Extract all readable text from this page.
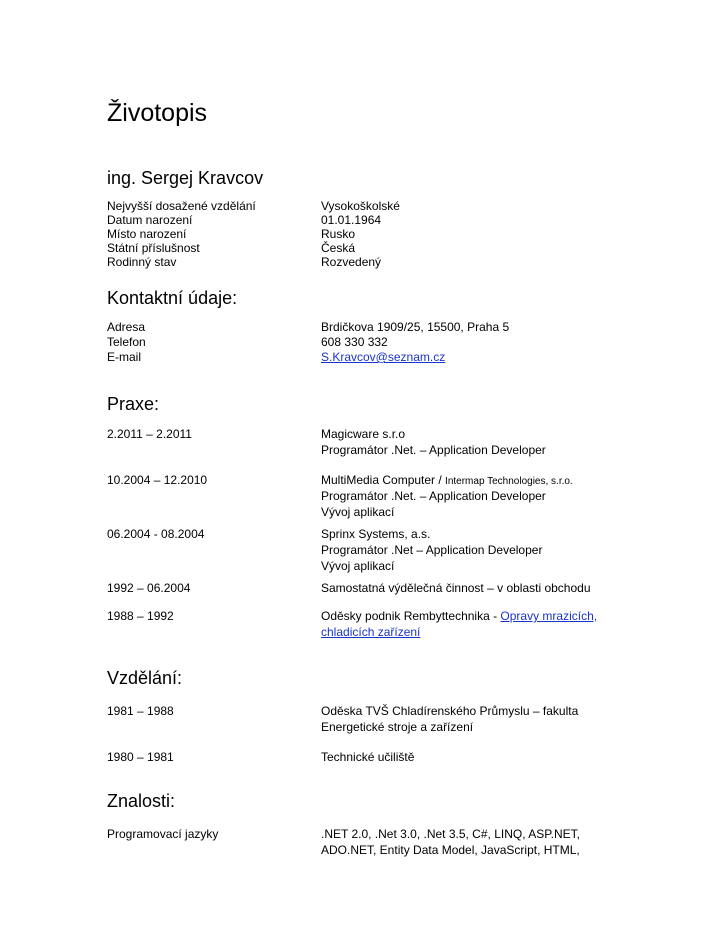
Životopis
ing. Sergej Kravcov
Nejvyšší dosažené vzdělání	Vysokoškolské
Datum narození	01.01.1964
Místo narození	Rusko
Státní příslušnost	Česká
Rodinný stav	Rozvedený
Kontaktní údaje:
Adresa	Brdičkova 1909/25, 15500, Praha 5
Telefon	608 330 332
E-mail	S.Kravcov@seznam.cz
Praxe:
2.2011 – 2.2011	Magicware s.r.o
Programátor .Net. – Application Developer
10.2004 – 12.2010	MultiMedia Computer / Intermap Technologies, s.r.o.
Programátor .Net. – Application Developer
Vývoj aplikací
06.2004 - 08.2004	Sprinx Systems, a.s.
Programátor .Net – Application Developer
Vývoj aplikací
1992 – 06.2004	Samostatná výdělečná činnost – v oblasti obchodu
1988 – 1992	Oděsky podnik Rembyttechnika - Opravy mrazicích,
chladicích zařízení
Vzdělání:
1981 – 1988	Oděska TVŠ Chladírenského Průmyslu – fakulta
Energetické stroje a zařízení
1980 – 1981	Technické učiliště
Znalosti:
Programovací jazyky	.NET 2.0, .Net 3.0, .Net 3.5, C#, LINQ, ASP.NET,
ADO.NET, Entity Data Model, JavaScript, HTML,
